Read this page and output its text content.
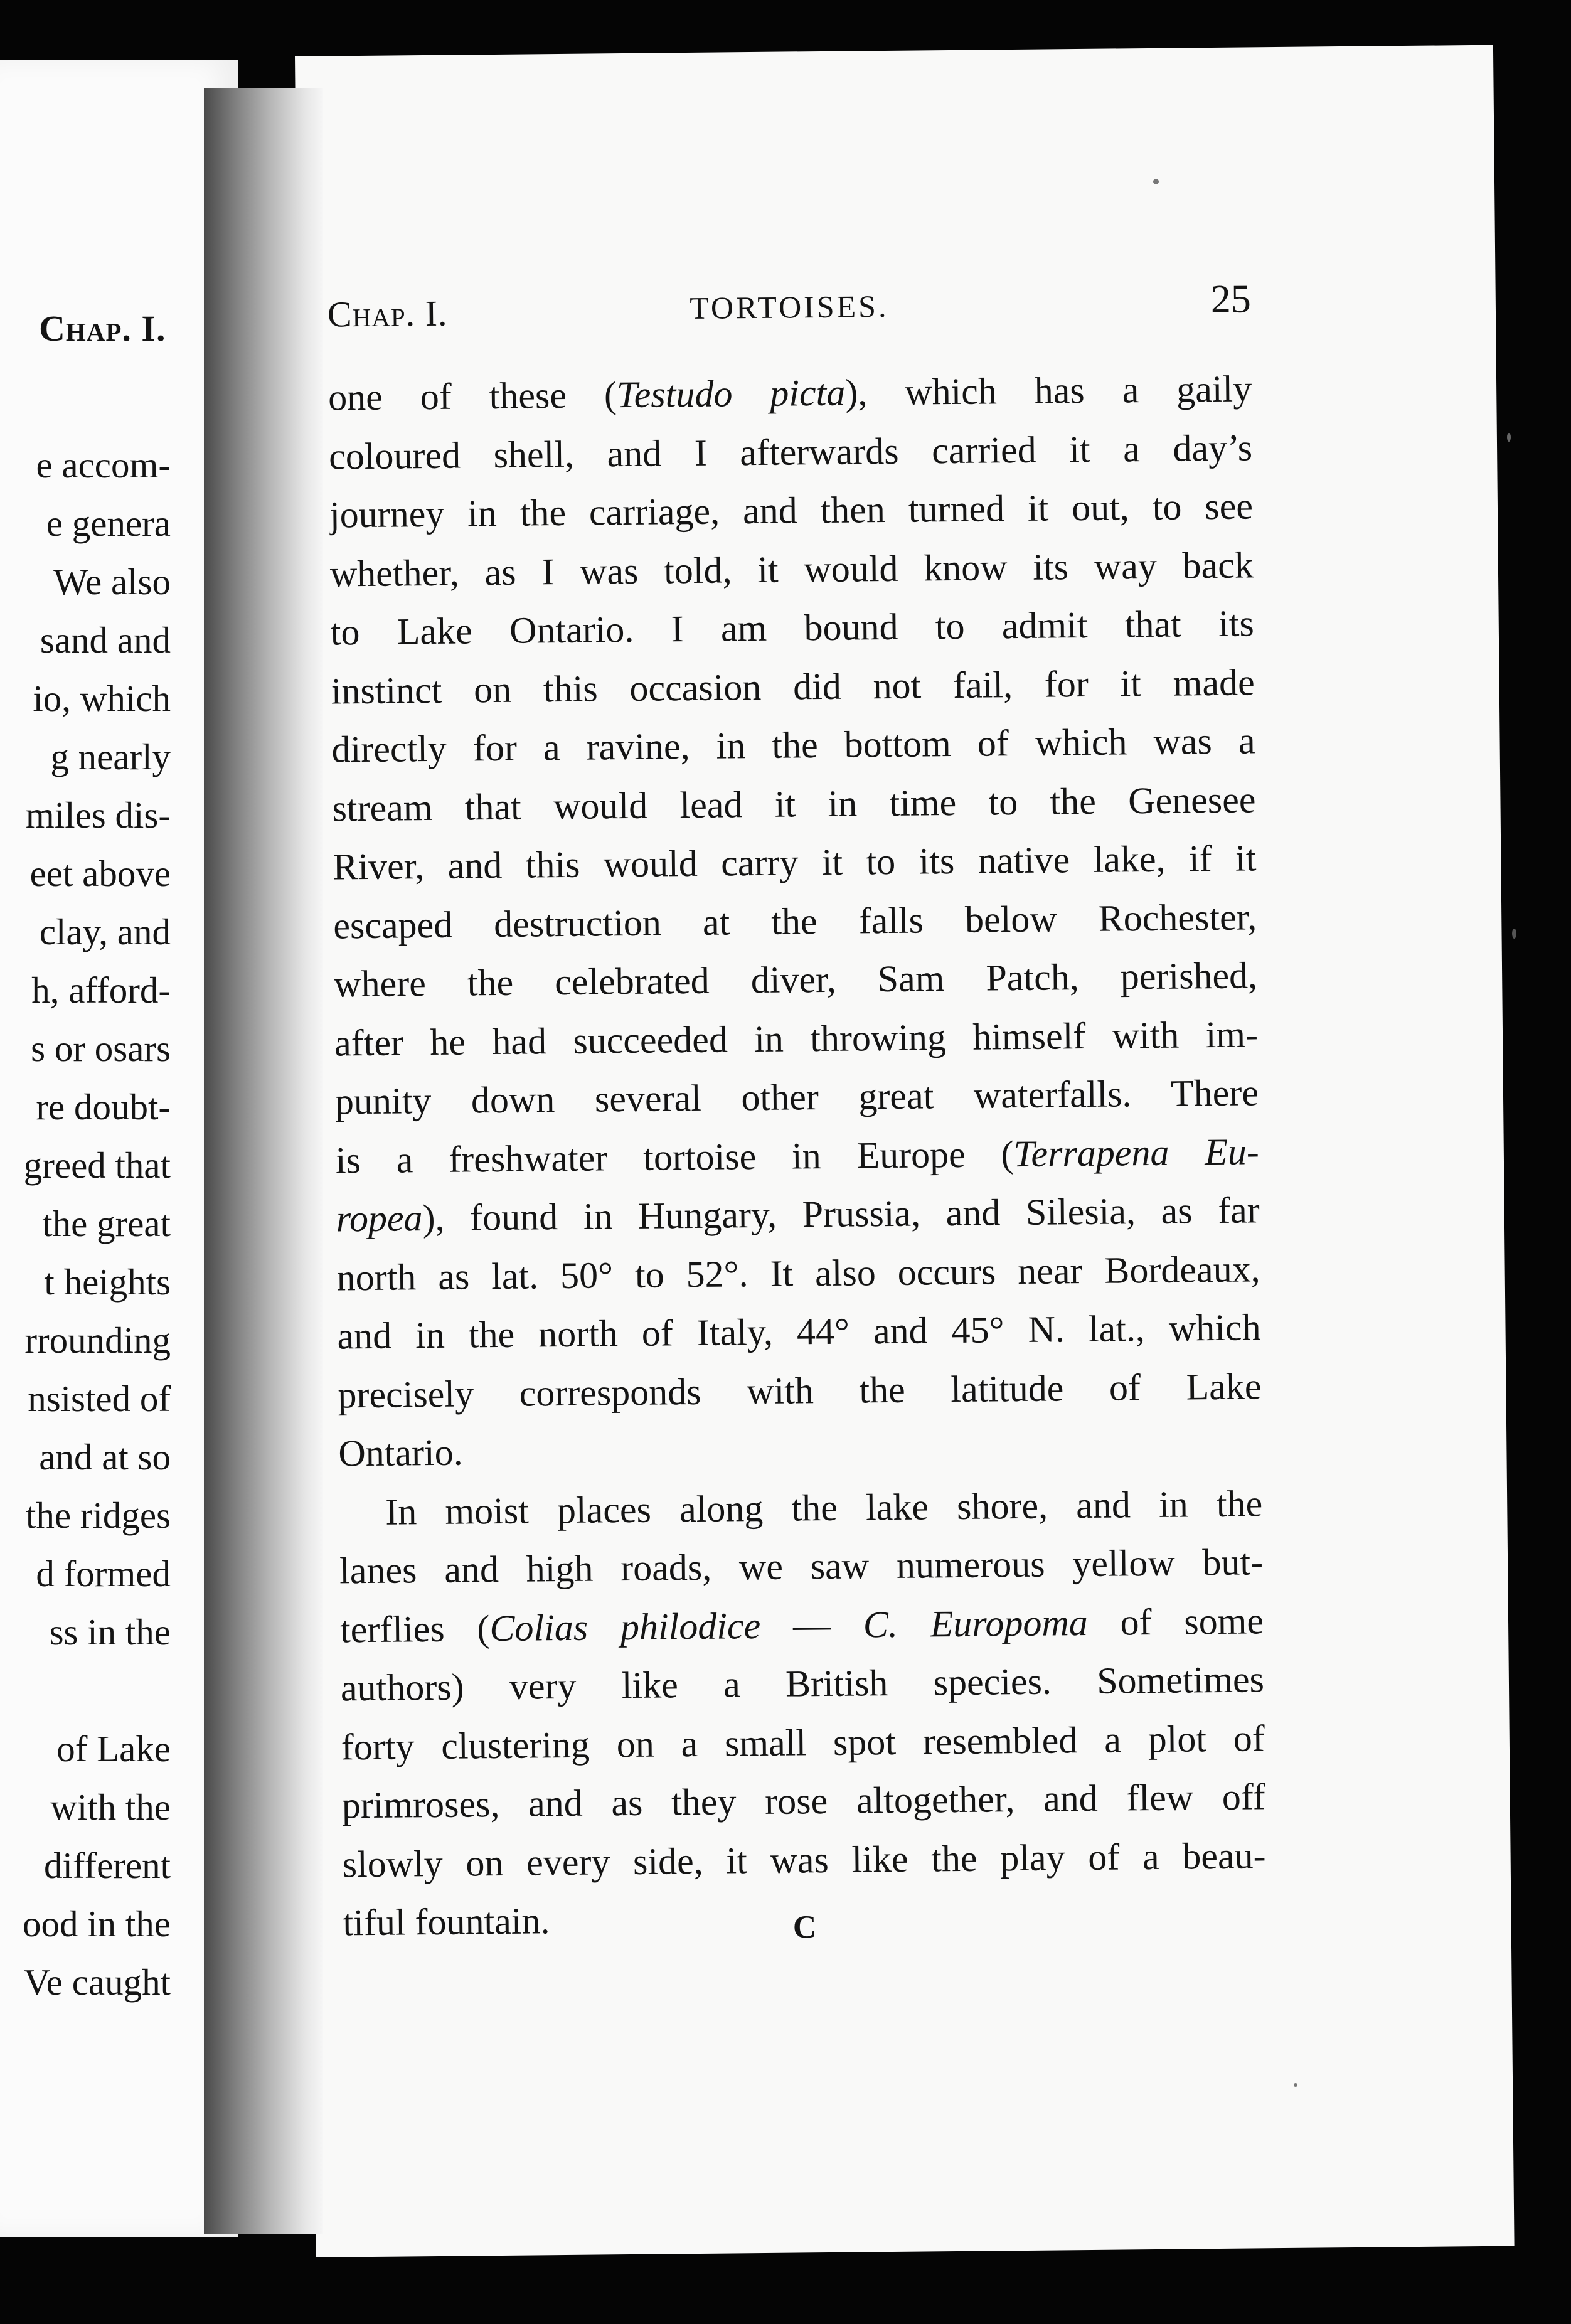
Chap. I.
e accom-
e genera
We also
sand and
io, which
g nearly
miles dis-
eet above
clay, and
h, afford-
s or osars
re doubt-
greed that
the great
t heights
rrounding
nsisted of
and at so
the ridges
d formed
ss in the
of Lake
with the
different
ood in the
Ve caught
Chap. I.	TORTOISES.	25
one of these (Testudo picta), which has a gaily
coloured shell, and I afterwards carried it a day’s
journey in the carriage, and then turned it out, to see
whether, as I was told, it would know its way back
to Lake Ontario. I am bound to admit that its
instinct on this occasion did not fail, for it made
directly for a ravine, in the bottom of which was a
stream that would lead it in time to the Genesee
River, and this would carry it to its native lake, if it
escaped destruction at the falls below Rochester,
where the celebrated diver, Sam Patch, perished,
after he had succeeded in throwing himself with im-
punity down several other great waterfalls. There
is a freshwater tortoise in Europe (Terrapena Eu-
ropea), found in Hungary, Prussia, and Silesia, as far
north as lat. 50° to 52°. It also occurs near Bordeaux,
and in the north of Italy, 44° and 45° N. lat., which
precisely corresponds with the latitude of Lake
Ontario.
In moist places along the lake shore, and in the
lanes and high roads, we saw numerous yellow but-
terflies (Colias philodice — C. Europoma of some
authors) very like a British species. Sometimes
forty clustering on a small spot resembled a plot of
primroses, and as they rose altogether, and flew off
slowly on every side, it was like the play of a beau-
tiful fountain.	C
